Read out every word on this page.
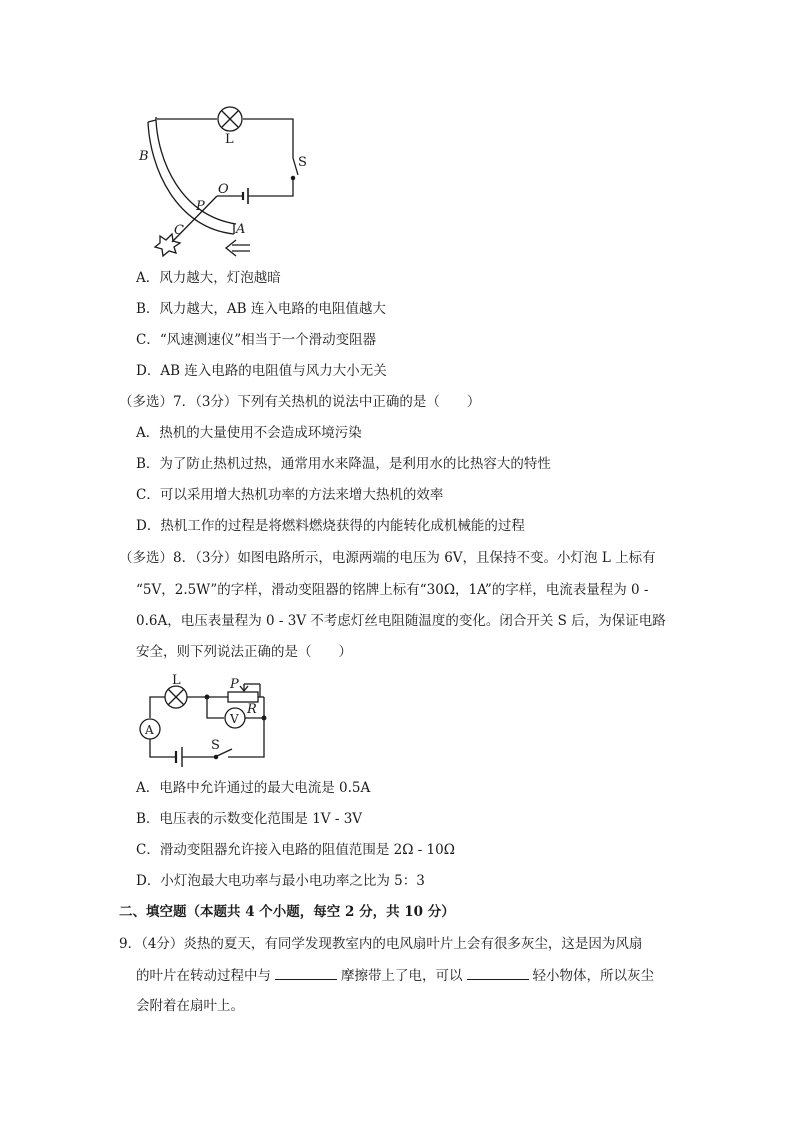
L
S
B
O
P
C	A
A．风力越大，灯泡越暗
B．风力越大，AB 连入电路的电阻值越大
C．“风速测速仪”相当于一个滑动变阻器
D．AB 连入电路的电阻值与风力大小无关
（多选）7．（3分）下列有关热机的说法中正确的是（　　）
A．热机的大量使用不会造成环境污染
B．为了防止热机过热，通常用水来降温，是利用水的比热容大的特性
C．可以采用增大热机功率的方法来增大热机的效率
D．热机工作的过程是将燃料燃烧获得的内能转化成机械能的过程
（多选）8．（3分）如图电路所示，电源两端的电压为 6V，且保持不变。小灯泡 L 上标有
“5V，2.5W”的字样，滑动变阻器的铭牌上标有“30Ω，1A”的字样，电流表量程为 0 -
0.6A，电压表量程为 0 - 3V 不考虑灯丝电阻随温度的变化。闭合开关 S 后，为保证电路
安全，则下列说法正确的是（　　）
L	P
R
A
V
S
A．电路中允许通过的最大电流是 0.5A
B．电压表的示数变化范围是 1V - 3V
C．滑动变阻器允许接入电路的阻值范围是 2Ω - 10Ω
D．小灯泡最大电功率与最小电功率之比为 5：3
二、填空题（本题共 4 个小题，每空 2 分，共 10 分）
9．（4分）炎热的夏天，有同学发现教室内的电风扇叶片上会有很多灰尘，这是因为风扇
的叶片在转动过程中与	摩擦带上了电，可以	轻小物体，所以灰尘
会附着在扇叶上。
